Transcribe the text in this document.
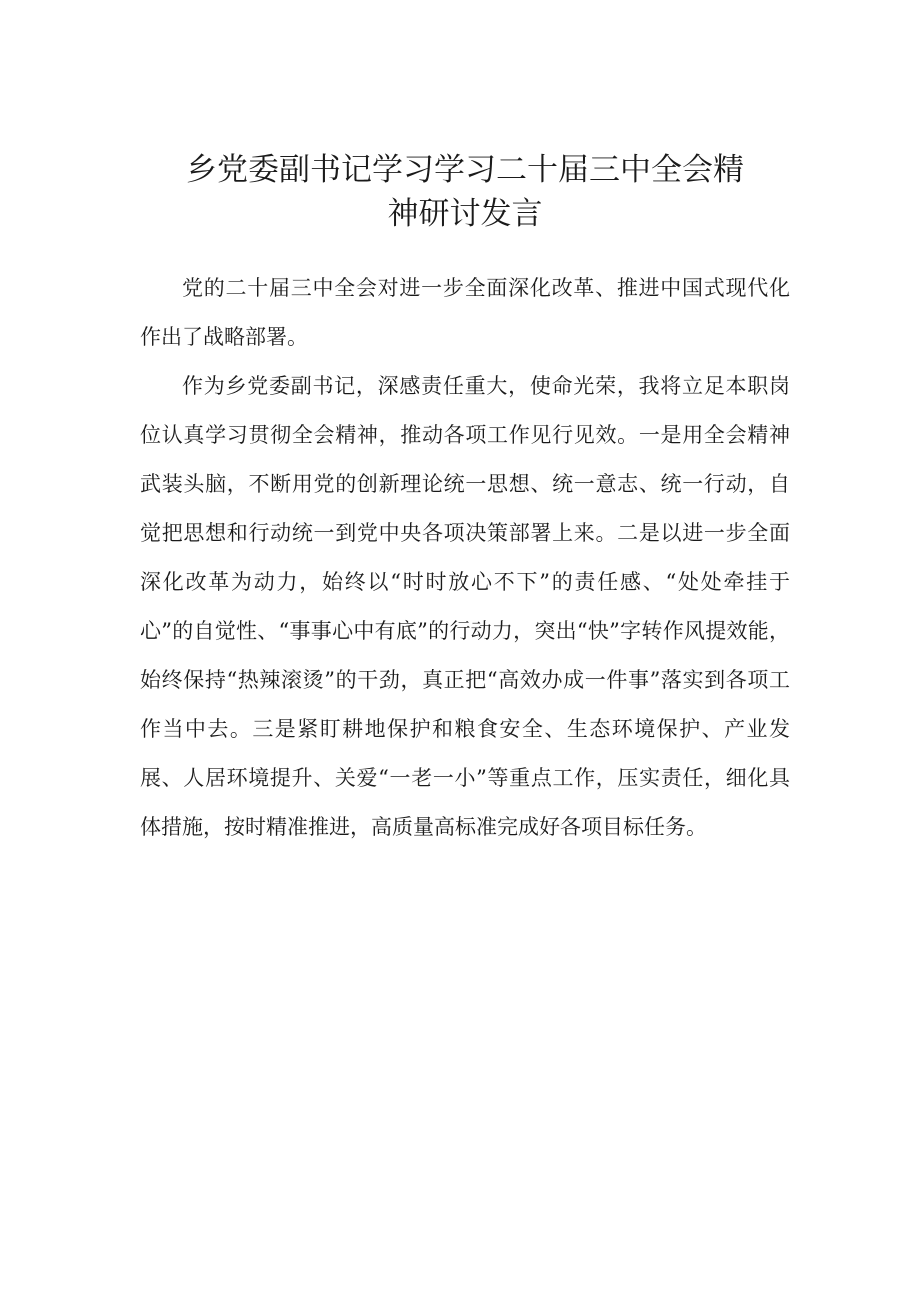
乡党委副书记学习学习二十届三中全会精
神研讨发言

党的二十届三中全会对进一步全面深化改革、推进中国式现代化作出了战略部署。

作为乡党委副书记，深感责任重大，使命光荣，我将立足本职岗位认真学习贯彻全会精神，推动各项工作见行见效。一是用全会精神武装头脑，不断用党的创新理论统一思想、统一意志、统一行动，自觉把思想和行动统一到党中央各项决策部署上来。二是以进一步全面深化改革为动力，始终以“时时放心不下”的责任感、“处处牵挂于心”的自觉性、“事事心中有底”的行动力，突出“快”字转作风提效能，始终保持“热辣滚烫”的干劲，真正把“高效办成一件事”落实到各项工作当中去。三是紧盯耕地保护和粮食安全、生态环境保护、产业发展、人居环境提升、关爱“一老一小”等重点工作，压实责任，细化具体措施，按时精准推进，高质量高标准完成好各项目标任务。
